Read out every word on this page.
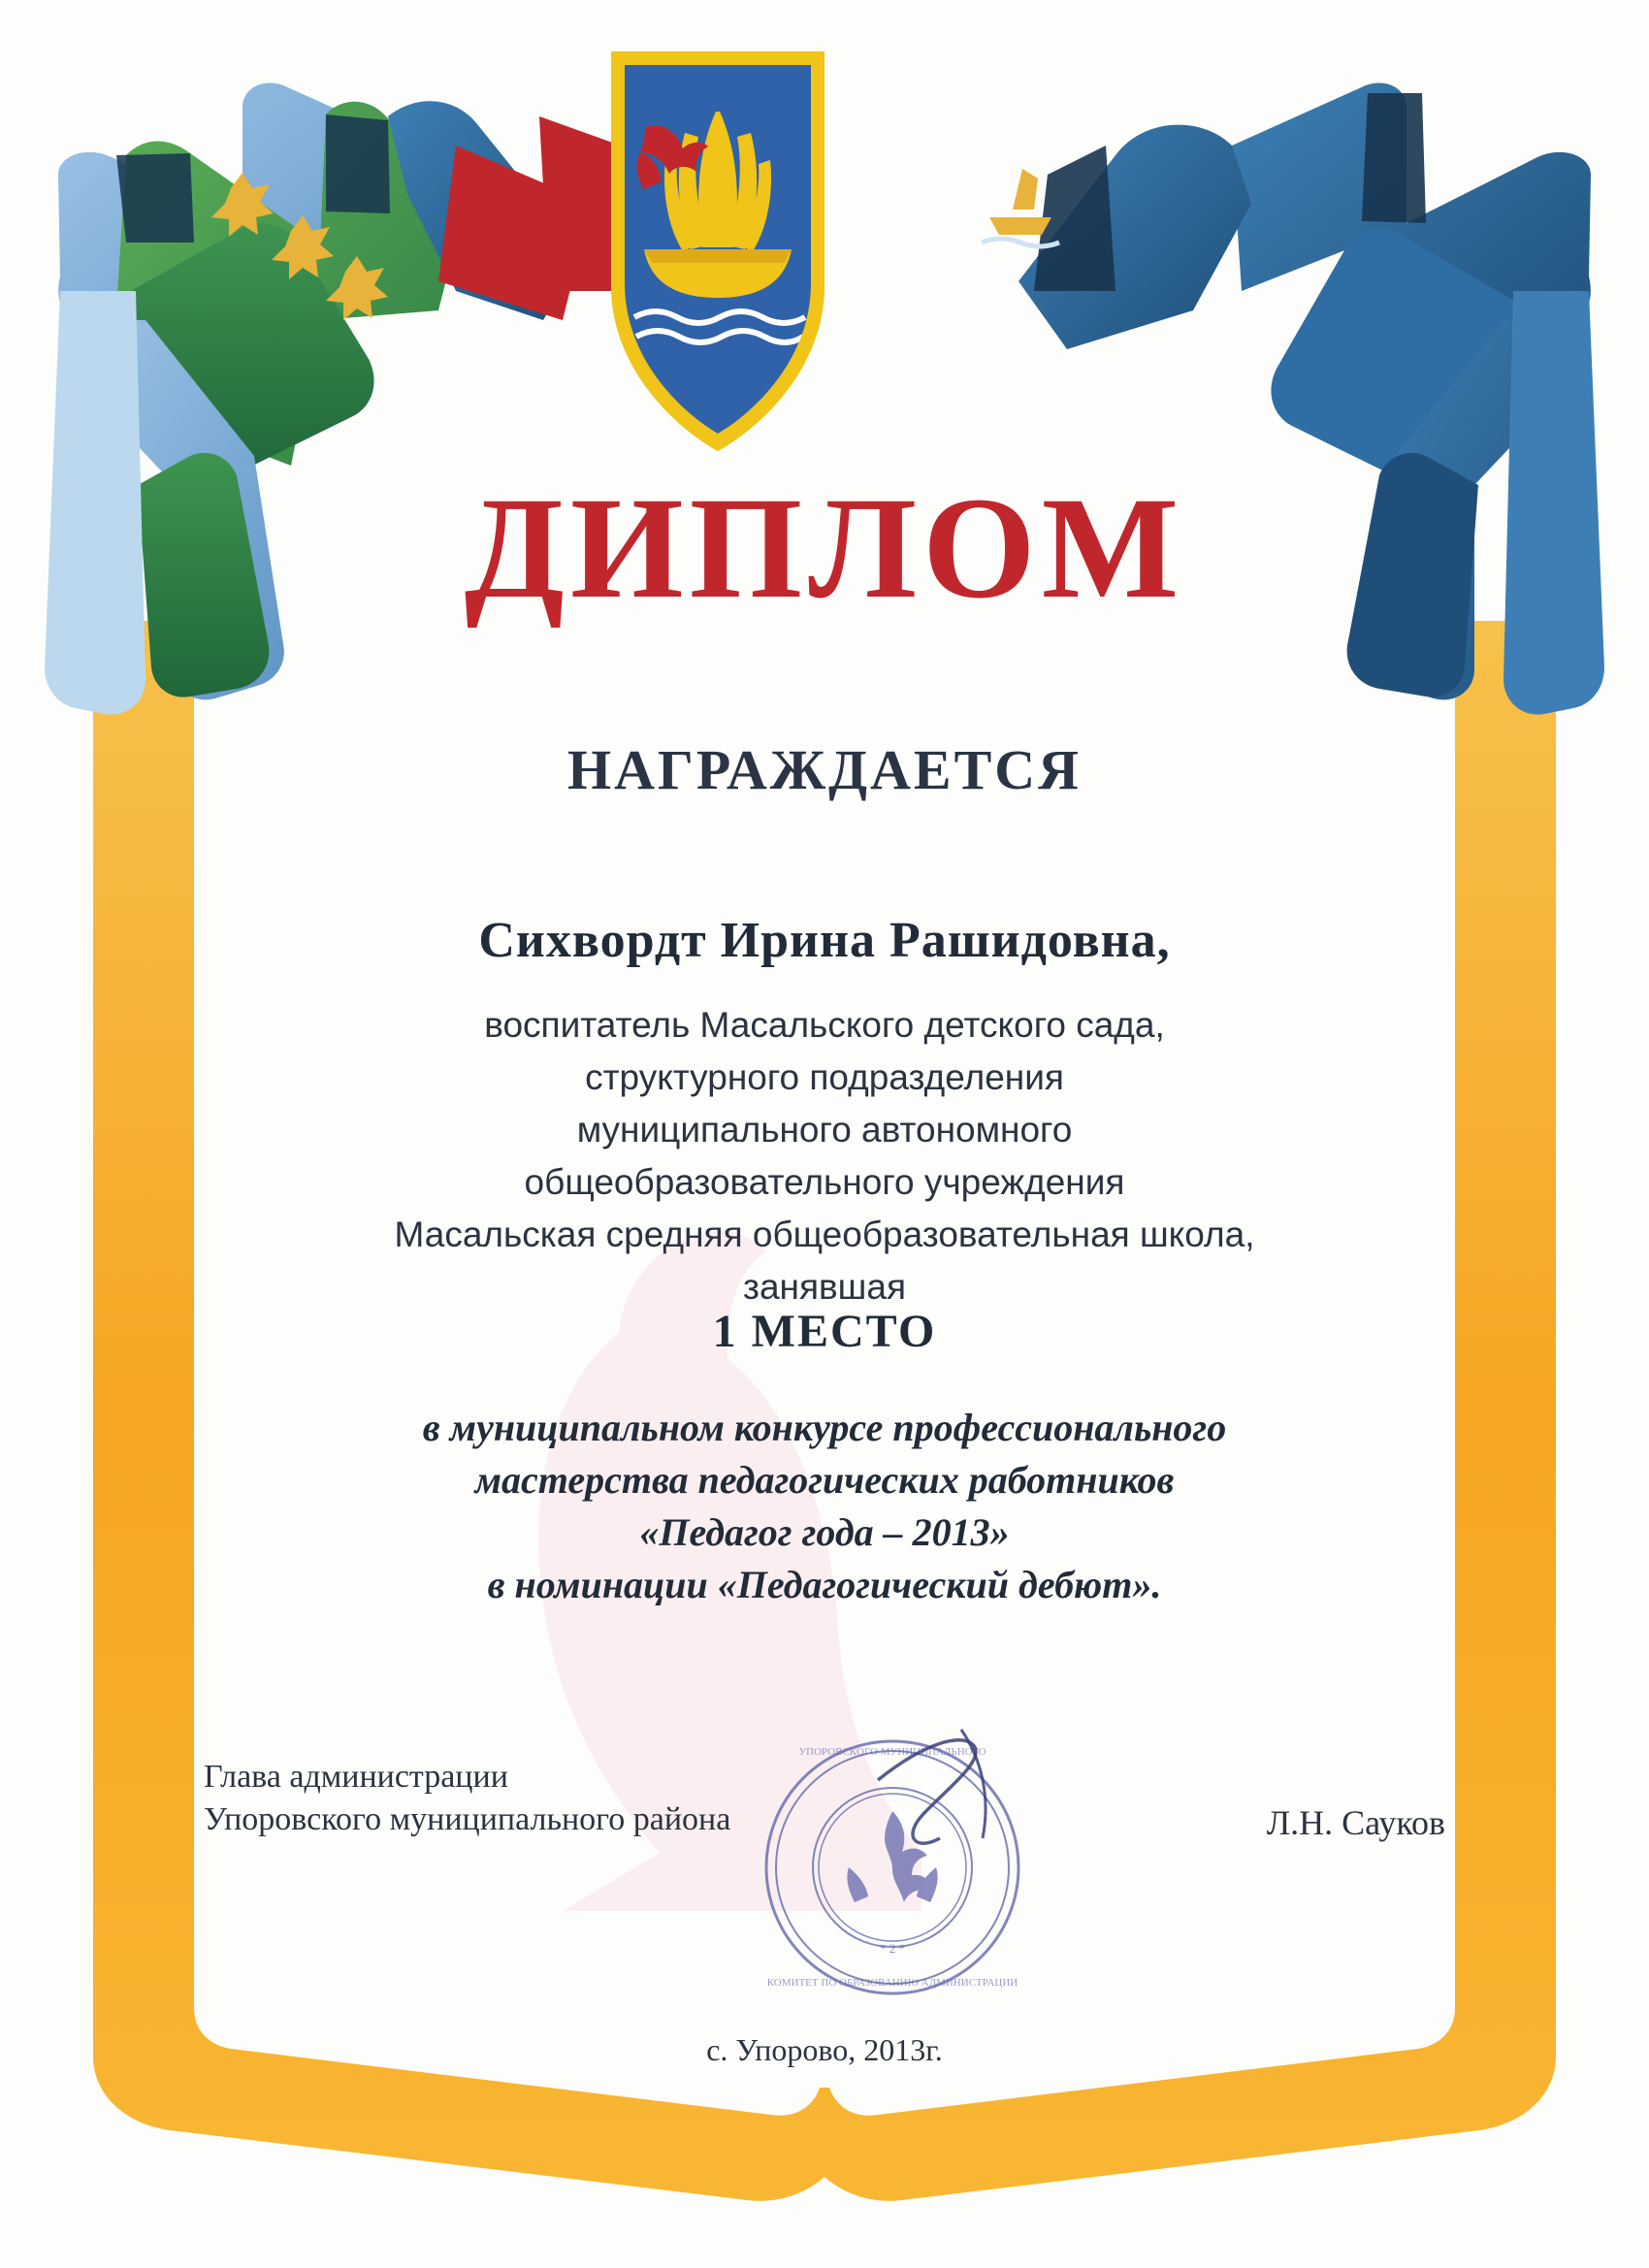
ДИПЛОМ
НАГРАЖДАЕТСЯ
Сихвордт Ирина Рашидовна,
воспитатель Масальского детского сада,
структурного подразделения
муниципального автономного
общеобразовательного учреждения
Масальская средняя общеобразовательная школа,
занявшая
1 МЕСТО
в муниципальном конкурсе профессионального
мастерства педагогических работников
«Педагог года – 2013»
в номинации «Педагогический дебют».
Глава администрации
Упоровского муниципального района	Л.Н. Сауков
* 2 *
УПОРОВСКОГО МУНИЦИПАЛЬНОГО
КОМИТЕТ ПО ОБРАЗОВАНИЮ АДМИНИСТРАЦИИ
с. Упорово, 2013г.
